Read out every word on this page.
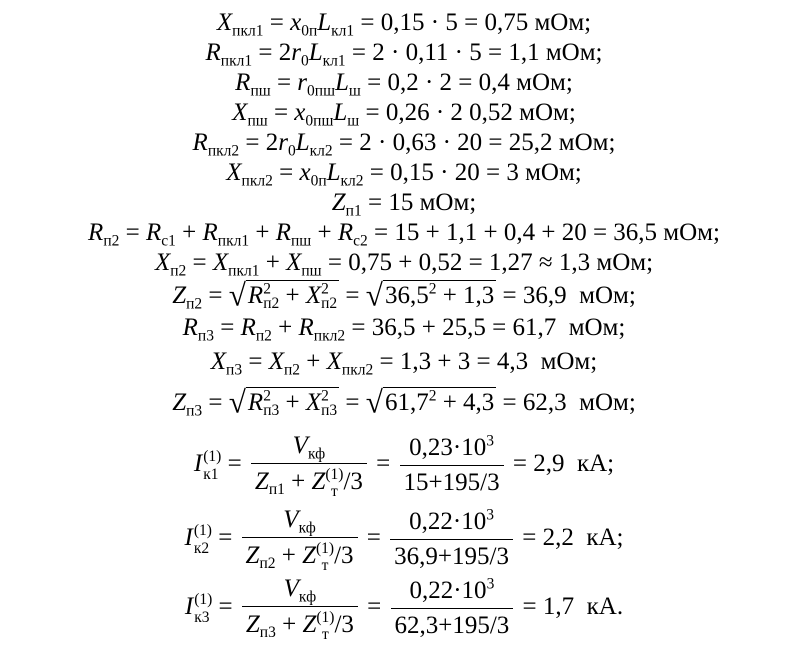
$X_{пкл1} = x_{0п}L_{кл1} = 0,15 \cdot 5 = 0,75$ мОм;
$R_{пкл1} = 2r_0L_{кл1} = 2 \cdot 0,11 \cdot 5 = 1,1$ мОм;
$R_{пш} = r_{0пш}L_ш = 0,2 \cdot 2 = 0,4$ мОм;
$X_{пш} = x_{0пш}L_ш = 0,26 \cdot 2$ 0,52 мОм;
$R_{пкл2} = 2r_0L_{кл2} = 2 \cdot 0,63 \cdot 20 = 25,2$ мОм;
$X_{пкл2} = x_{0п}L_{кл2} = 0,15 \cdot 20 = 3$ мОм;
$Z_{п1} = 15$ мОм;
$R_{п2} = R_{с1} + R_{пкл1} + R_{пш} + R_{с2} = 15 + 1,1 + 0,4 + 20 = 36,5$ мОм;
$X_{п2} = X_{пкл1} + X_{пш} = 0,75 + 0,52 = 1,27 \approx 1,3$ мОм;
$Z_{п2} = √R^2_{п2} + X^2_{п2} = √36,5^2 + 1,3 = 36,9$ мОм;
$R_{п3} = R_{п2} + R_{пкл2} = 36,5 + 25,5 = 61,7$ мОм;
$X_{п3} = X_{п2} + X_{пкл2} = 1,3 + 3 = 4,3$ мОм;
$Z_{п3} = √R^2_{п3} + X^2_{п3} = √61,7^2 + 4,3 = 62,3$ мОм;
I (1)
$к1 = V_{кф}$
$Z_{п1} + Z$ (1)
т $/3 = \frac{0,23\cdot 10^3}{15+195/3} = 2,9$ кА;
I (1)
$к2 = V_{кф}$
$Z_{п2} + Z$ (1)
т $/3 = \frac{0,22\cdot 10^3}{36,9+195/3} = 2,2$ кА;
I (1)
$к3 = V_{кф}$
$Z_{п3} + Z$ (1)
т $/3 = \frac{0,22\cdot 10^3}{62,3+195/3} = 1,7$ кА.
